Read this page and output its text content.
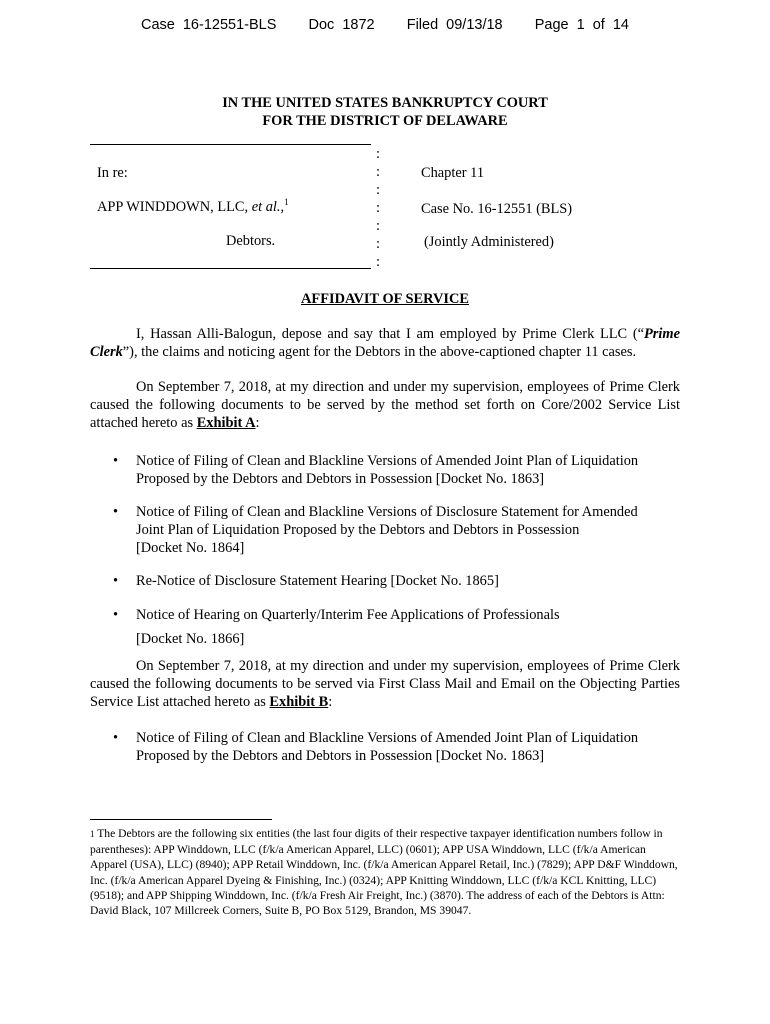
Case 16-12551-BLS Doc 1872 Filed 09/13/18 Page 1 of 14
IN THE UNITED STATES BANKRUPTCY COURT
FOR THE DISTRICT OF DELAWARE
:
:
:
:
:
:
:
In re:
APP WINDDOWN, LLC, et al.,$^1$
Debtors.
Chapter 11
Case No. 16-12551 (BLS)
(Jointly Administered)
AFFIDAVIT OF SERVICE
I, Hassan Alli-Balogun, depose and say that I am employed by Prime Clerk LLC (“Prime Clerk”), the claims and noticing agent for the Debtors in the above-captioned chapter 11 cases.
On September 7, 2018, at my direction and under my supervision, employees of Prime Clerk caused the following documents to be served by the method set forth on Core/2002 Service List attached hereto as Exhibit A:
• Notice of Filing of Clean and Blackline Versions of Amended Joint Plan of Liquidation
Proposed by the Debtors and Debtors in Possession [Docket No. 1863]
• Notice of Filing of Clean and Blackline Versions of Disclosure Statement for Amended
Joint Plan of Liquidation Proposed by the Debtors and Debtors in Possession
[Docket No. 1864]
• Re-Notice of Disclosure Statement Hearing [Docket No. 1865]
• Notice of Hearing on Quarterly/Interim Fee Applications of Professionals
[Docket No. 1866]
On September 7, 2018, at my direction and under my supervision, employees of Prime Clerk caused the following documents to be served via First Class Mail and Email on the Objecting Parties Service List attached hereto as Exhibit B:
• Notice of Filing of Clean and Blackline Versions of Amended Joint Plan of Liquidation
Proposed by the Debtors and Debtors in Possession [Docket No. 1863]
1 The Debtors are the following six entities (the last four digits of their respective taxpayer identification numbers follow in parentheses): APP Winddown, LLC (f/k/a American Apparel, LLC) (0601); APP USA Winddown, LLC (f/k/a American Apparel (USA), LLC) (8940); APP Retail Winddown, Inc. (f/k/a American Apparel Retail, Inc.) (7829); APP D&F Winddown, Inc. (f/k/a American Apparel Dyeing & Finishing, Inc.) (0324); APP Knitting Winddown, LLC (f/k/a KCL Knitting, LLC) (9518); and APP Shipping Winddown, Inc. (f/k/a Fresh Air Freight, Inc.) (3870). The address of each of the Debtors is Attn: David Black, 107 Millcreek Corners, Suite B, PO Box 5129, Brandon, MS 39047.
